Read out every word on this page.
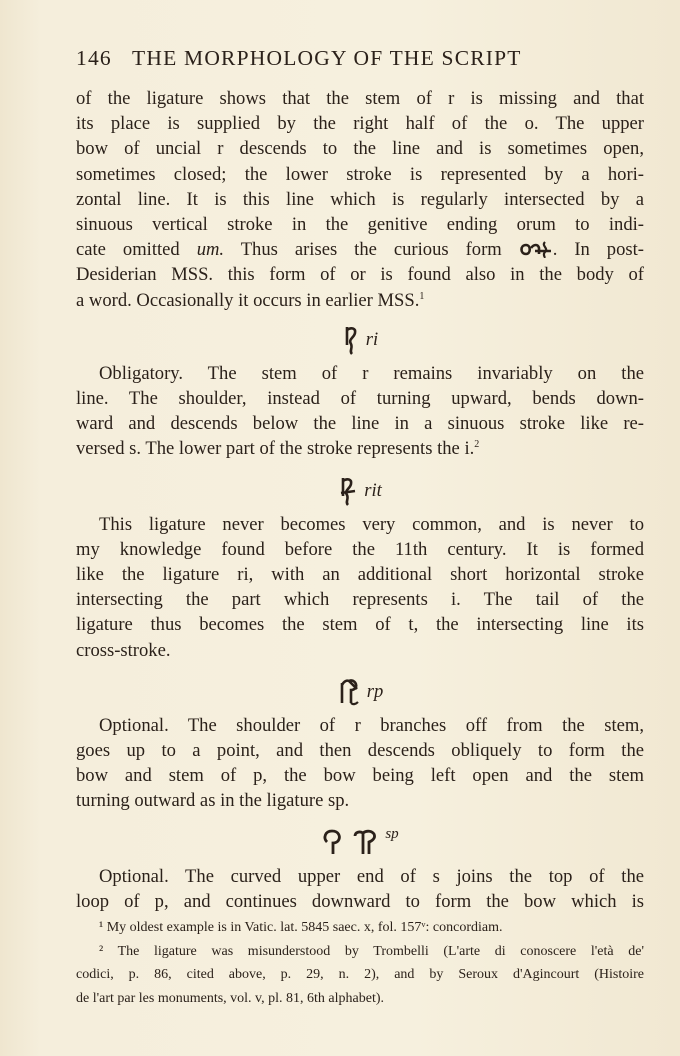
146 THE MORPHOLOGY OF THE SCRIPT

of the ligature shows that the stem of r is missing and that

its place is supplied by the right half of the o. The upper

bow of uncial r descends to the line and is sometimes open,

sometimes closed; the lower stroke is represented by a hori-

zontal line. It is this line which is regularly intersected by a

sinuous vertical stroke in the genitive ending orum to indi-

cate omitted um. Thus arises the curious form	. In post-

Desiderian MSS. this form of or is found also in the body of

a word. Occasionally it occurs in earlier MSS.$^1$

ri

Obligatory. The stem of r remains invariably on the

line. The shoulder, instead of turning upward, bends down-

ward and descends below the line in a sinuous stroke like re-

versed s. The lower part of the stroke represents the i.$^2$

rit

This ligature never becomes very common, and is never to

my knowledge found before the 11th century. It is formed

like the ligature ri, with an additional short horizontal stroke

intersecting the part which represents i. The tail of the

ligature thus becomes the stem of t, the intersecting line its

cross-stroke.

rp

Optional. The shoulder of r branches off from the stem,

goes up to a point, and then descends obliquely to form the

bow and stem of p, the bow being left open and the stem

turning outward as in the ligature sp.

sp

Optional. The curved upper end of s joins the top of the

loop of p, and continues downward to form the bow which is

¹ My oldest example is in Vatic. lat. 5845 saec. x, fol. 157ᵛ: concordiam.

² The ligature was misunderstood by Trombelli (L'arte di conoscere l'età de'

codici, p. 86, cited above, p. 29, n. 2), and by Seroux d'Agincourt (Histoire

de l'art par les monuments, vol. v, pl. 81, 6th alphabet).
